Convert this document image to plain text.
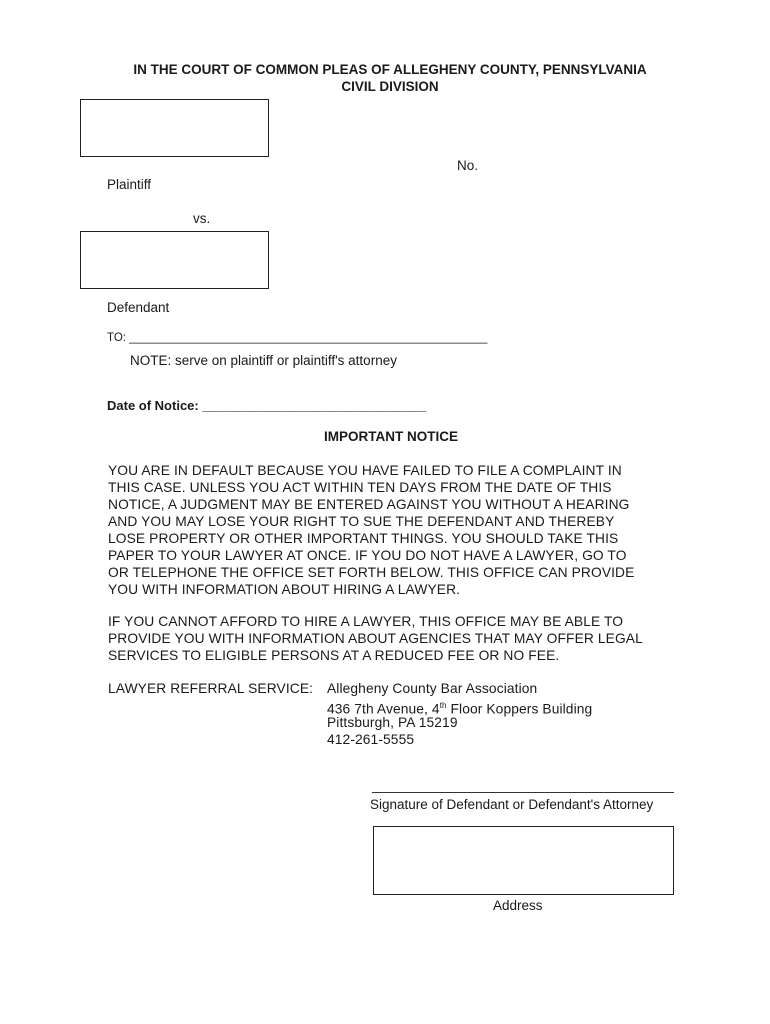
IN THE COURT OF COMMON PLEAS OF ALLEGHENY COUNTY, PENNSYLVANIA
CIVIL DIVISION
No.
Plaintiff
vs.
Defendant
TO: ________________________________________________________
NOTE: serve on plaintiff or plaintiff's attorney
Date of Notice: _______________________________
IMPORTANT NOTICE
YOU ARE IN DEFAULT BECAUSE YOU HAVE FAILED TO FILE A COMPLAINT IN
THIS CASE. UNLESS YOU ACT WITHIN TEN DAYS FROM THE DATE OF THIS
NOTICE, A JUDGMENT MAY BE ENTERED AGAINST YOU WITHOUT A HEARING
AND YOU MAY LOSE YOUR RIGHT TO SUE THE DEFENDANT AND THEREBY
LOSE PROPERTY OR OTHER IMPORTANT THINGS. YOU SHOULD TAKE THIS
PAPER TO YOUR LAWYER AT ONCE. IF YOU DO NOT HAVE A LAWYER, GO TO
OR TELEPHONE THE OFFICE SET FORTH BELOW. THIS OFFICE CAN PROVIDE
YOU WITH INFORMATION ABOUT HIRING A LAWYER.
IF YOU CANNOT AFFORD TO HIRE A LAWYER, THIS OFFICE MAY BE ABLE TO
PROVIDE YOU WITH INFORMATION ABOUT AGENCIES THAT MAY OFFER LEGAL
SERVICES TO ELIGIBLE PERSONS AT A REDUCED FEE OR NO FEE.
LAWYER REFERRAL SERVICE: Allegheny County Bar Association
436 7th Avenue, 4th Floor Koppers Building
Pittsburgh, PA 15219
412-261-5555
Signature of Defendant or Defendant's Attorney
Address
